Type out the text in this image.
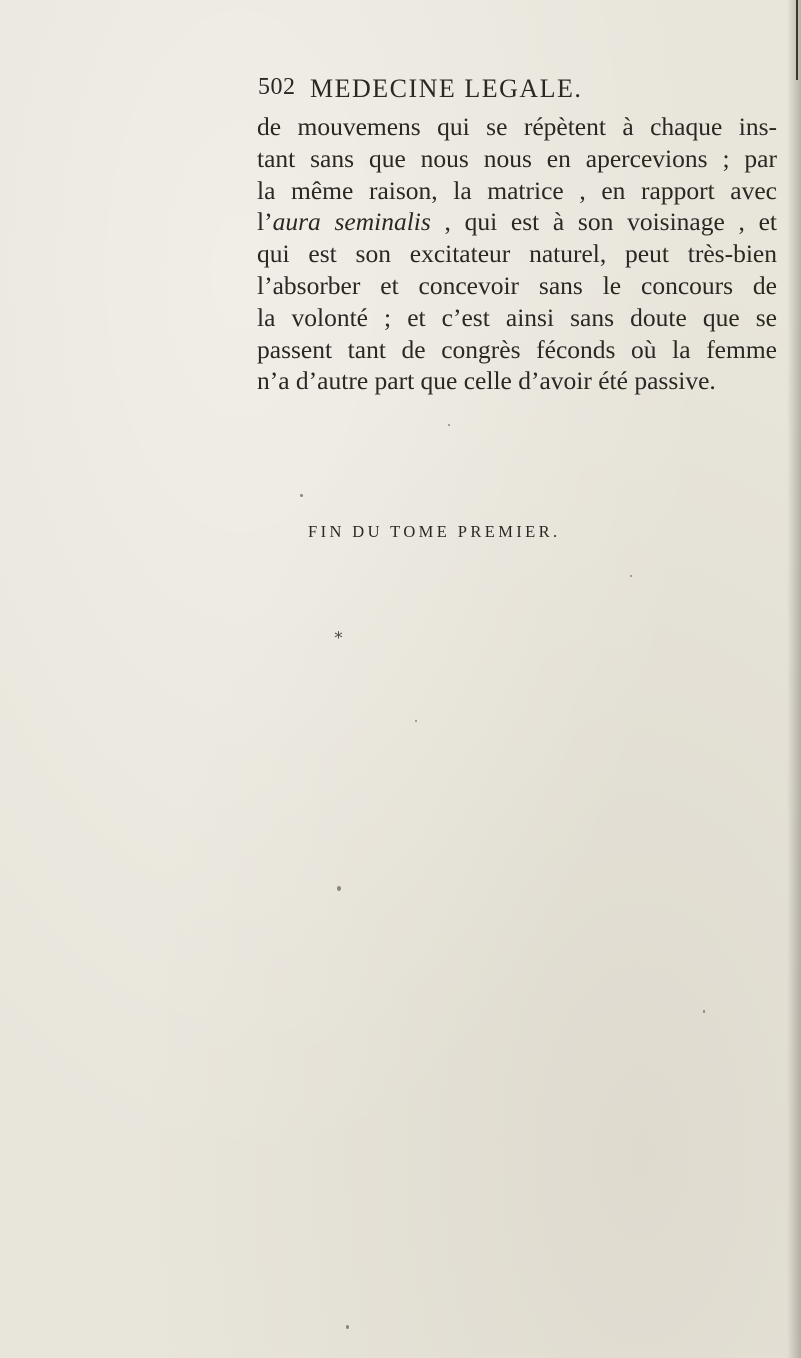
502 MEDECINE LEGALE.
de mouvemens qui se répètent à chaque ins-
tant sans que nous nous en apercevions ; par
la même raison, la matrice , en rapport avec
l’aura seminalis , qui est à son voisinage , et
qui est son excitateur naturel, peut très-bien
l’absorber et concevoir sans le concours de
la volonté ; et c’est ainsi sans doute que se
passent tant de congrès féconds où la femme
n’a d’autre part que celle d’avoir été passive.
FIN DU TOME PREMIER.
∗
